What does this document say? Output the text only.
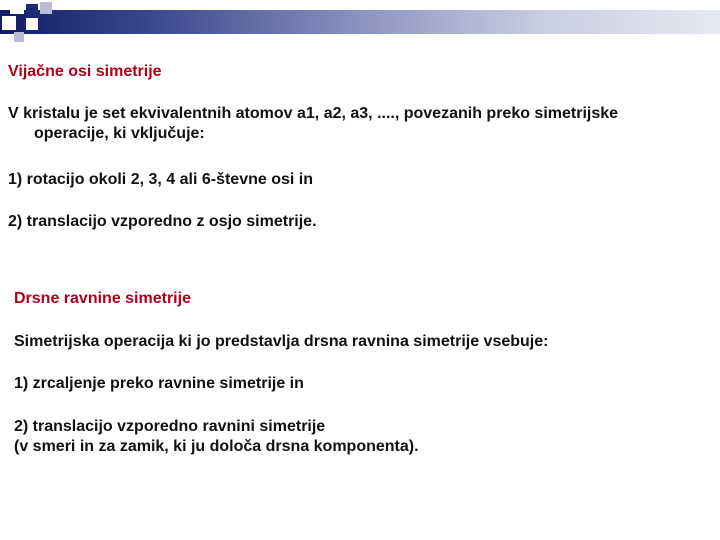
Vijačne osi simetrije

V kristalu je set ekvivalentnih atomov a1, a2, a3, ...., povezanih preko simetrijske
operacije, ki vključuje:

1) rotacijo okoli 2, 3, 4 ali 6-števne osi in

2) translacijo vzporedno z osjo simetrije.

Drsne ravnine simetrije

Simetrijska operacija ki jo predstavlja drsna ravnina simetrije vsebuje:

1) zrcaljenje preko ravnine simetrije in

2) translacijo vzporedno ravnini simetrije
(v smeri in za zamik, ki ju določa drsna komponenta).
